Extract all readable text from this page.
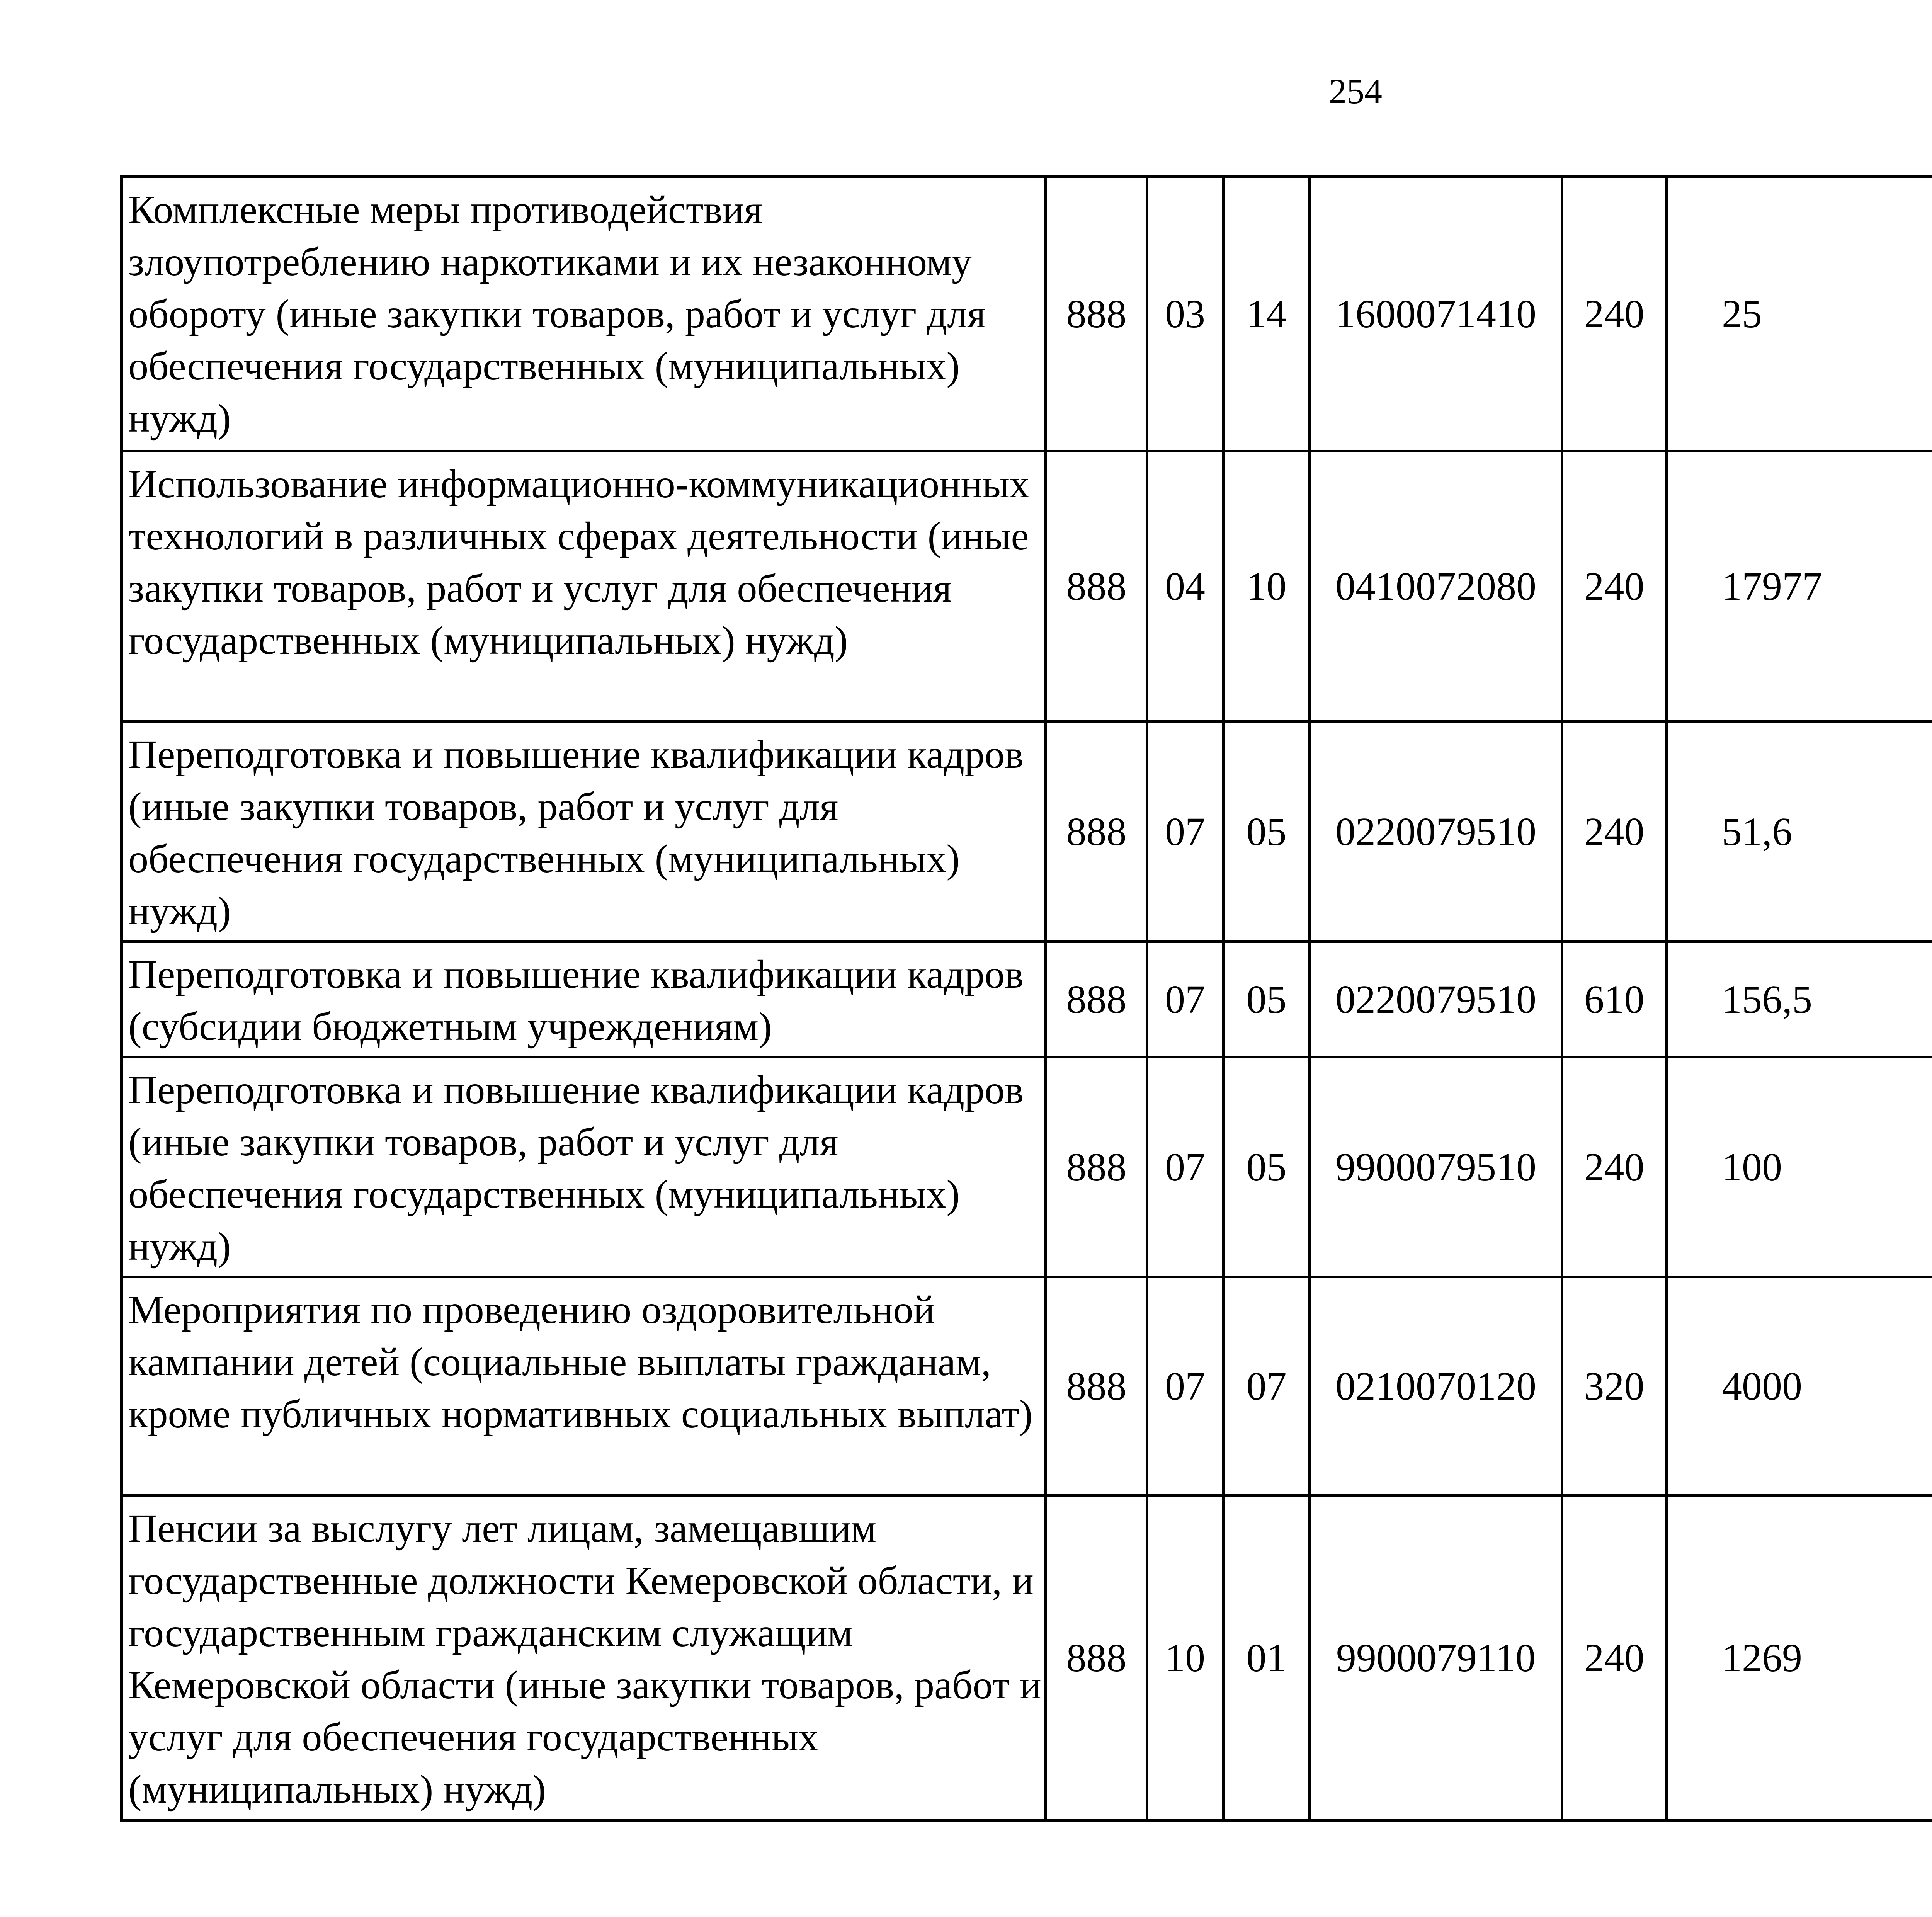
254
Комплексные меры противодействия злоупотреблению наркотиками и их незаконному обороту (иные закупки товаров, работ и услуг для обеспечения государственных (муниципальных) нужд)	888	03	14	1600071410	240	25		
Использование информационно-коммуникационных технологий в различных сферах деятельности (иные закупки товаров, работ и услуг для обеспечения государственных (муниципальных) нужд)	888	04	10	0410072080	240	17977		
Переподготовка и повышение квалификации кадров (иные закупки товаров, работ и услуг для обеспечения государственных (муниципальных) нужд)	888	07	05	0220079510	240	51,6		
Переподготовка и повышение квалификации кадров (субсидии бюджетным учреждениям)	888	07	05	0220079510	610	156,5		
Переподготовка и повышение квалификации кадров (иные закупки товаров, работ и услуг для обеспечения государственных (муниципальных) нужд)	888	07	05	9900079510	240	100		
Мероприятия по проведению оздоровительной кампании детей (социальные выплаты гражданам, кроме публичных нормативных социальных выплат)	888	07	07	0210070120	320	4000		
Пенсии за выслугу лет лицам, замещавшим государственные должности Кемеровской области, и государственным гражданским служащим Кемеровской области (иные закупки товаров, работ и услуг для обеспечения государственных (муниципальных) нужд)	888	10	01	9900079110	240	1269		
